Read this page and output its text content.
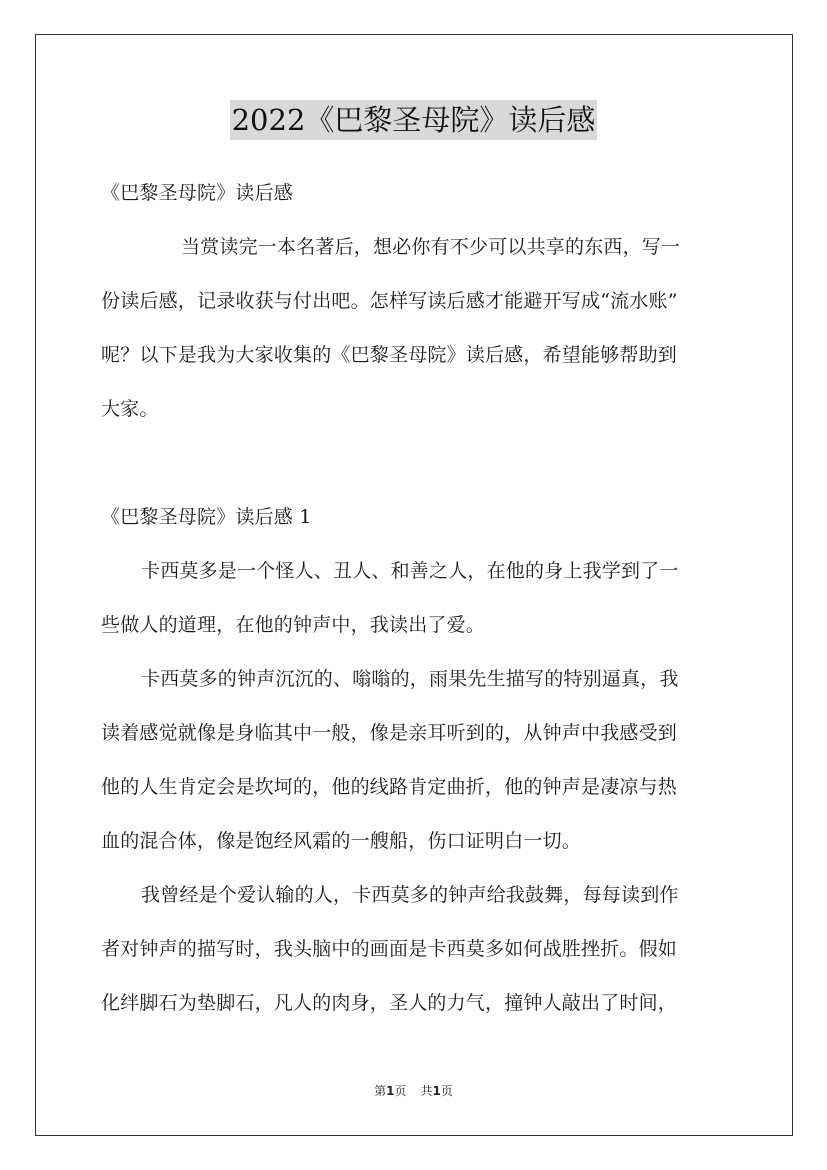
2022《巴黎圣母院》读后感
《巴黎圣母院》读后感
当赏读完一本名著后，想必你有不少可以共享的东西，写一
份读后感，记录收获与付出吧。怎样写读后感才能避开写成“流水账”
呢？以下是我为大家收集的《巴黎圣母院》读后感，希望能够帮助到
大家。
《巴黎圣母院》读后感 1
卡西莫多是一个怪人、丑人、和善之人，在他的身上我学到了一
些做人的道理，在他的钟声中，我读出了爱。
卡西莫多的钟声沉沉的、嗡嗡的，雨果先生描写的特别逼真，我
读着感觉就像是身临其中一般，像是亲耳听到的，从钟声中我感受到
他的人生肯定会是坎坷的，他的线路肯定曲折，他的钟声是凄凉与热
血的混合体，像是饱经风霜的一艘船，伤口证明白一切。
我曾经是个爱认输的人，卡西莫多的钟声给我鼓舞，每每读到作
者对钟声的描写时，我头脑中的画面是卡西莫多如何战胜挫折。假如
化绊脚石为垫脚石，凡人的肉身，圣人的力气，撞钟人敲出了时间，
第1页 共1页
